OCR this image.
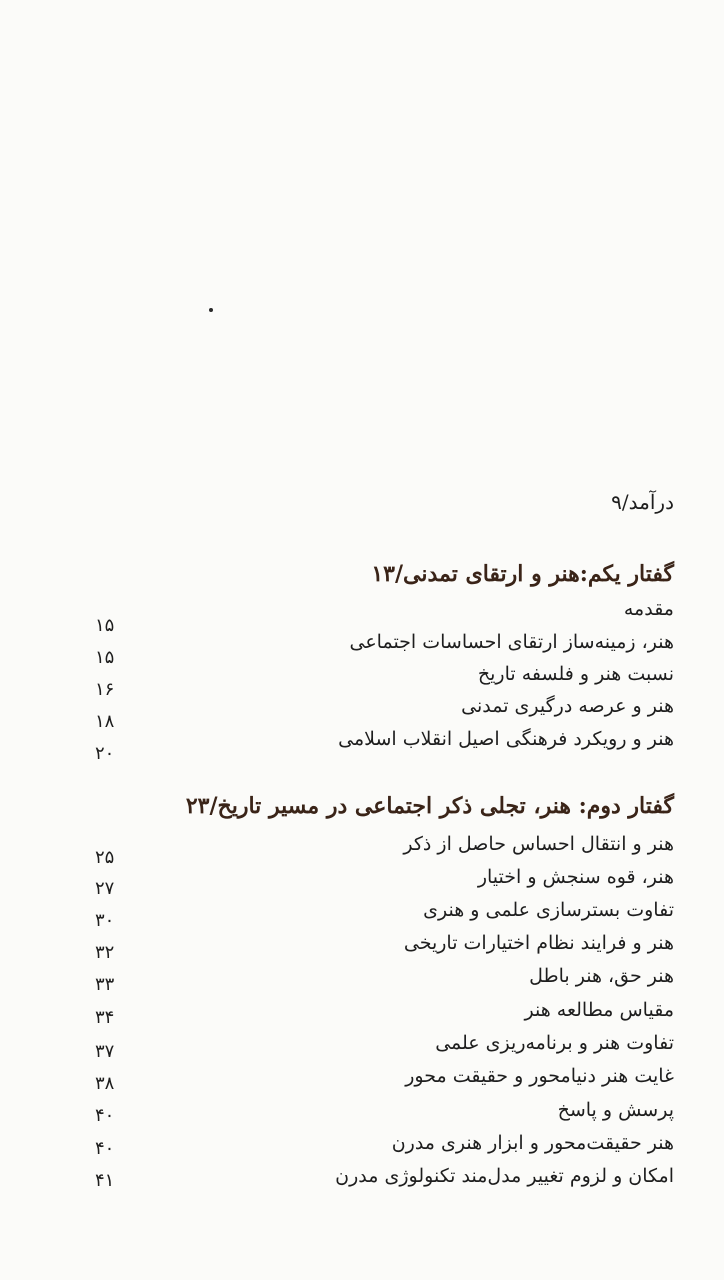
درآمد/۹
گفتار یکم:هنر و ارتقای تمدنی/۱۳
مقدمه
هنر، زمینه‌ساز ارتقای احساسات اجتماعی
۱۵
نسبت هنر و فلسفه تاریخ
۱۵
هنر و عرصه درگیری تمدنی
۱۶
هنر و رویکرد فرهنگی اصیل انقلاب اسلامی
۱۸
۲۰
گفتار دوم: هنر، تجلی ذکر اجتماعی در مسیر تاریخ/۲۳
هنر و انتقال احساس حاصل از ذکر
۲۵
هنر، قوه سنجش و اختیار
۲۷
تفاوت بسترسازی علمی و هنری
۳۰
هنر و فرایند نظام اختیارات تاریخی
۳۲
هنر حق، هنر باطل
۳۳
مقیاس مطالعه هنر
۳۴
تفاوت هنر و برنامه‌ریزی علمی
۳۷
غایت هنر دنیامحور و حقیقت محور
۳۸
پرسش و پاسخ
۴۰
هنر حقیقت‌محور و ابزار هنری مدرن
۴۰
امکان و لزوم تغییر مدل‌مند تکنولوژی مدرن
۴۱
